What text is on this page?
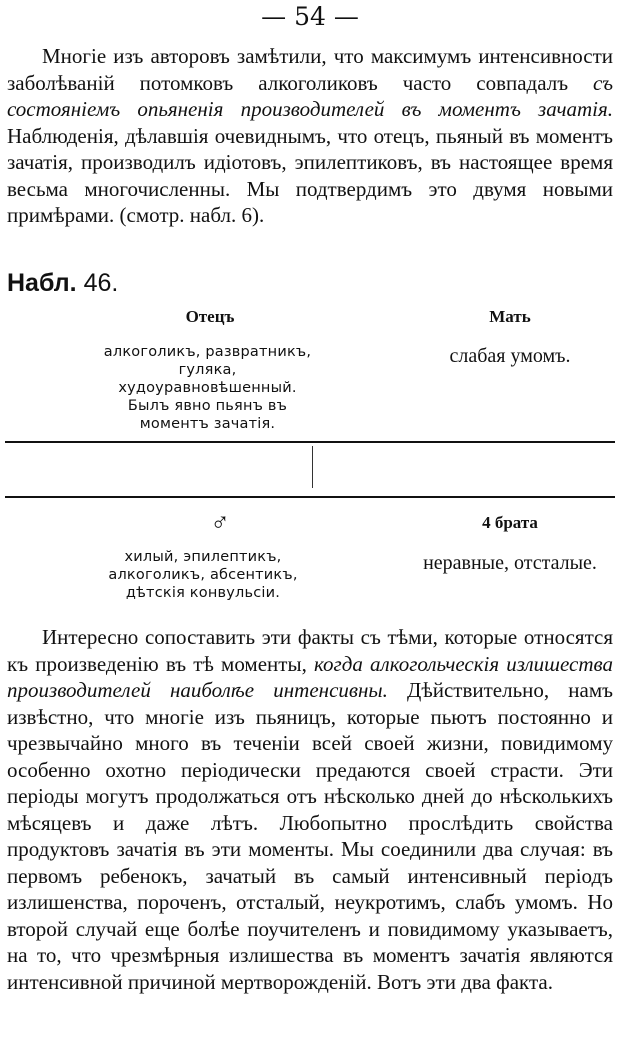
— 54 —

Многіе изъ авторовъ замѣтили, что максимумъ интенсивности заболѣваній потомковъ алкоголиковъ часто совпадалъ съ состояніемъ опьяненія производителей въ моментъ зачатія. Наблюденія, дѣлавшія очевиднымъ, что отецъ, пьяный въ моментъ зачатія, производилъ идіотовъ, эпилептиковъ, въ настоящее время весьма многочисленны. Мы подтвердимъ это двумя новыми примѣрами. (смотр. набл. 6).

Набл. 46.
Отецъ
алкоголикъ, развратникъ, гуляка, худоуравновѣшенный. Былъ явно пьянъ въ моментъ зачатія.
Мать
слабая умомъ.
♂
хилый, эпилептикъ, алкоголикъ, абсентикъ, дѣтскія конвульсіи.
4 брата
неравные, отсталые.

Интересно сопоставить эти факты съ тѣми, которые относятся къ произведенію въ тѣ моменты, когда алкогольческія излишества производителей наиболѣе интенсивны. Дѣйствительно, намъ извѣстно, что многіе изъ пьяницъ, которые пьютъ постоянно и чрезвычайно много въ теченіи всей своей жизни, повидимому особенно охотно періодически предаются своей страсти. Эти періоды могутъ продолжаться отъ нѣсколько дней до нѣсколькихъ мѣсяцевъ и даже лѣтъ. Любопытно прослѣдить свойства продуктовъ зачатія въ эти моменты. Мы соединили два случая: въ первомъ ребенокъ, зачатый въ самый интенсивный періодъ излишенства, пороченъ, отсталый, неукротимъ, слабъ умомъ. Но второй случай еще болѣе поучителенъ и повидимому указываетъ, на то, что чрезмѣрныя излишества въ моментъ зачатія являются интенсивной причиной мертворожденій. Вотъ эти два факта.
